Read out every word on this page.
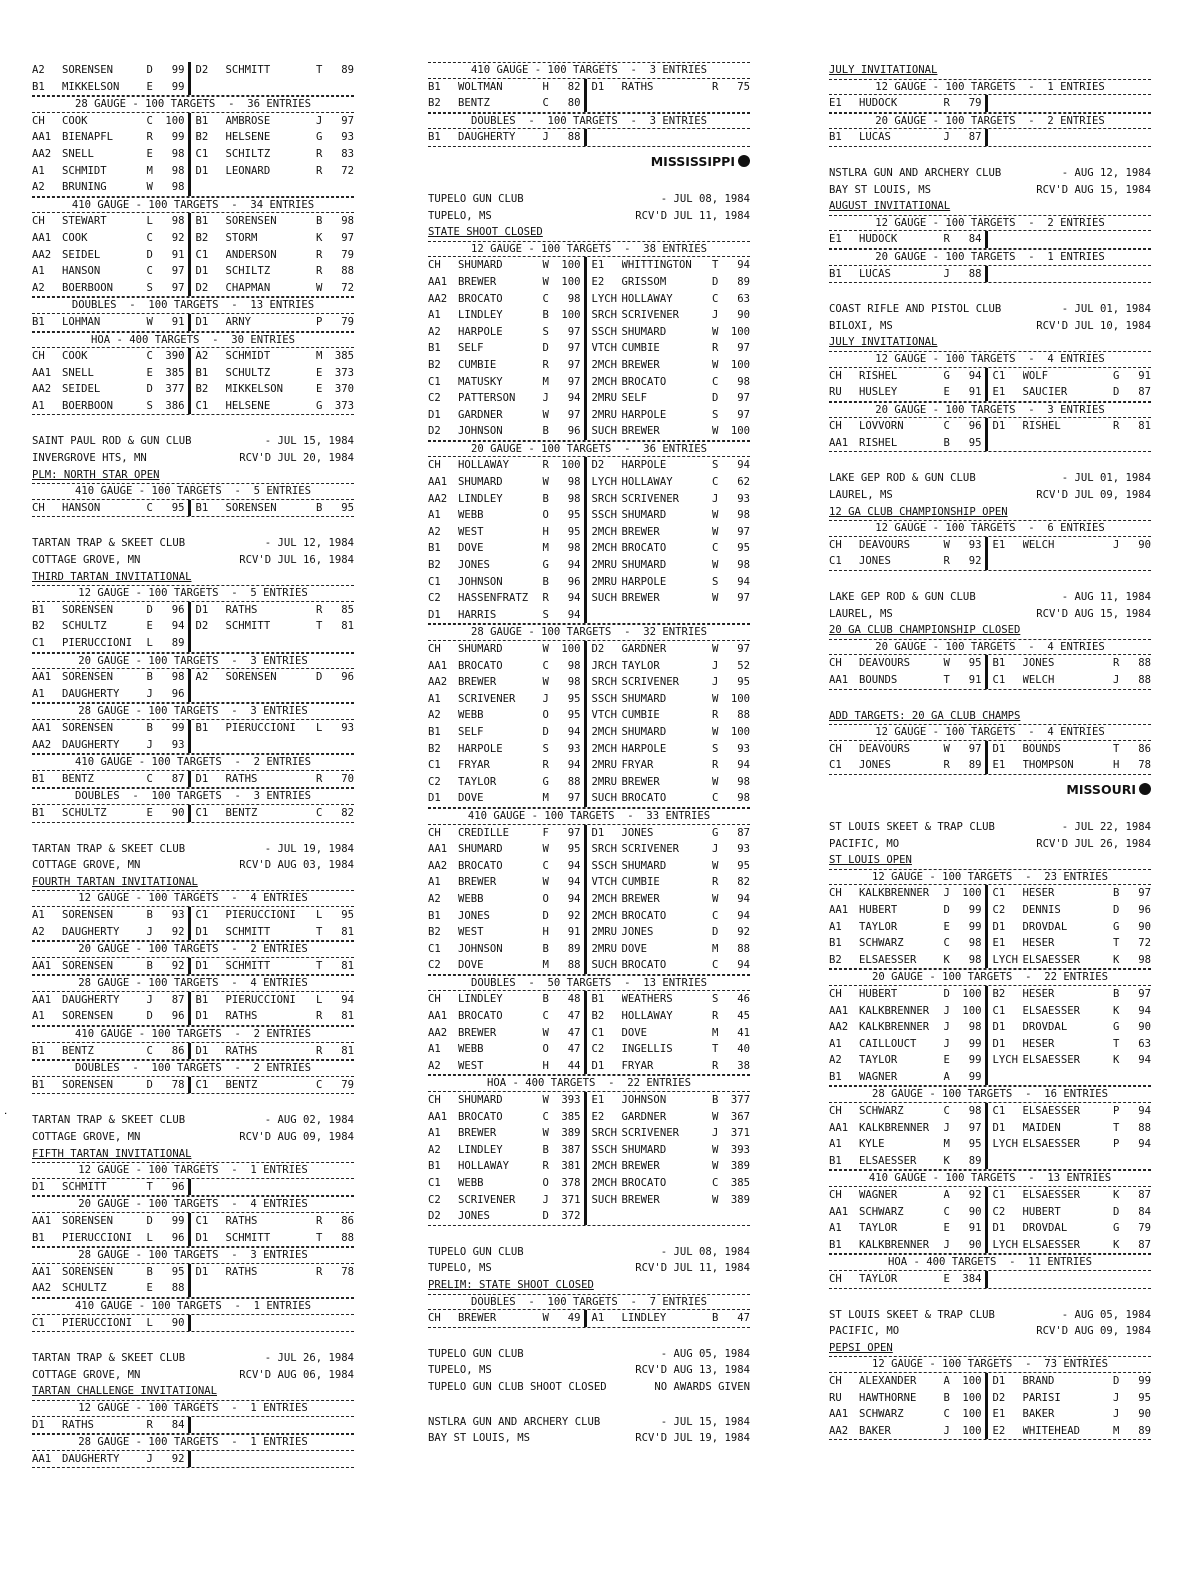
A2	SORENSEN	D	99 D2	SCHMITT	T	89
B1	MIKKELSON	E	99
28 GAUGE - 100 TARGETS  -  36 ENTRIES
CH	COOK	C	100 B1	AMBROSE	J	97
AA1	BIENAPFL	R	99 B2	HELSENE	G	93
AA2	SNELL	E	98 C1	SCHILTZ	R	83
A1	SCHMIDT	M	98 D1	LEONARD	R	72
A2	BRUNING	W	98
410 GAUGE - 100 TARGETS  -  34 ENTRIES
CH	STEWART	L	98 B1	SORENSEN	B	98
AA1	COOK	C	92 B2	STORM	K	97
AA2	SEIDEL	D	91 C1	ANDERSON	R	79
A1	HANSON	C	97 D1	SCHILTZ	R	88
A2	BOERBOON	S	97 D2	CHAPMAN	W	72
DOUBLES  -  100 TARGETS  -  13 ENTRIES
B1	LOHMAN	W	91 D1	ARNY	P	79
HOA - 400 TARGETS  -  30 ENTRIES
CH	COOK	C	390 A2	SCHMIDT	M	385
AA1	SNELL	E	385 B1	SCHULTZ	E	373
AA2	SEIDEL	D	377 B2	MIKKELSON	E	370
A1	BOERBOON	S	386 C1	HELSENE	G	373
SAINT PAUL ROD & GUN CLUB	- JUL 15, 1984
INVERGROVE HTS, MN	RCV'D JUL 20, 1984
PLM: NORTH STAR OPEN
410 GAUGE - 100 TARGETS  -  5 ENTRIES
CH	HANSON	C	95 B1	SORENSEN	B	95
TARTAN TRAP & SKEET CLUB	- JUL 12, 1984
COTTAGE GROVE, MN	RCV'D JUL 16, 1984
THIRD TARTAN INVITATIONAL
12 GAUGE - 100 TARGETS  -  5 ENTRIES
B1	SORENSEN	D	96 D1	RATHS	R	85
B2	SCHULTZ	E	94 D2	SCHMITT	T	81
C1	PIERUCCIONI	L	89
20 GAUGE - 100 TARGETS  -  3 ENTRIES
AA1	SORENSEN	B	98 A2	SORENSEN	D	96
A1	DAUGHERTY	J	96
28 GAUGE - 100 TARGETS  -  3 ENTRIES
AA1	SORENSEN	B	99 B1	PIERUCCIONI	L	93
AA2	DAUGHERTY	J	93
410 GAUGE - 100 TARGETS  -  2 ENTRIES
B1	BENTZ	C	87 D1	RATHS	R	70
DOUBLES  -  100 TARGETS  -  3 ENTRIES
B1	SCHULTZ	E	90 C1	BENTZ	C	82
TARTAN TRAP & SKEET CLUB	- JUL 19, 1984
COTTAGE GROVE, MN	RCV'D AUG 03, 1984
FOURTH TARTAN INVITATIONAL
12 GAUGE - 100 TARGETS  -  4 ENTRIES
A1	SORENSEN	B	93 C1	PIERUCCIONI	L	95
A2	DAUGHERTY	J	92 D1	SCHMITT	T	81
20 GAUGE - 100 TARGETS  -  2 ENTRIES
AA1	SORENSEN	B	92 D1	SCHMITT	T	81
28 GAUGE - 100 TARGETS  -  4 ENTRIES
AA1	DAUGHERTY	J	87 B1	PIERUCCIONI	L	94
A1	SORENSEN	D	96 D1	RATHS	R	81
410 GAUGE - 100 TARGETS  -  2 ENTRIES
B1	BENTZ	C	86 D1	RATHS	R	81
DOUBLES  -  100 TARGETS  -  2 ENTRIES
B1	SORENSEN	D	78 C1	BENTZ	C	79
TARTAN TRAP & SKEET CLUB	- AUG 02, 1984
COTTAGE GROVE, MN	RCV'D AUG 09, 1984
FIFTH TARTAN INVITATIONAL
12 GAUGE - 100 TARGETS  -  1 ENTRIES
D1	SCHMITT	T	96
20 GAUGE - 100 TARGETS  -  4 ENTRIES
AA1	SORENSEN	D	99 C1	RATHS	R	86
B1	PIERUCCIONI	L	96 D1	SCHMITT	T	88
28 GAUGE - 100 TARGETS  -  3 ENTRIES
AA1	SORENSEN	B	95 D1	RATHS	R	78
AA2	SCHULTZ	E	88
410 GAUGE - 100 TARGETS  -  1 ENTRIES
C1	PIERUCCIONI	L	90
TARTAN TRAP & SKEET CLUB	- JUL 26, 1984
COTTAGE GROVE, MN	RCV'D AUG 06, 1984
TARTAN CHALLENGE INVITATIONAL
12 GAUGE - 100 TARGETS  -  1 ENTRIES
D1	RATHS	R	84
28 GAUGE - 100 TARGETS  -  1 ENTRIES
AA1	DAUGHERTY	J	92
410 GAUGE - 100 TARGETS  -  3 ENTRIES
B1	WOLTMAN	H	82 D1	RATHS	R	75
B2	BENTZ	C	80
DOUBLES  -  100 TARGETS  -  3 ENTRIES
B1	DAUGHERTY	J	88
MISSISSIPPI
TUPELO GUN CLUB	- JUL 08, 1984
TUPELO, MS	RCV'D JUL 11, 1984
STATE SHOOT CLOSED
12 GAUGE - 100 TARGETS  -  38 ENTRIES
CH	SHUMARD	W	100 E1	WHITTINGTON	T	94
AA1	BREWER	W	100 E2	GRISSOM	D	89
AA2	BROCATO	C	98 LYCH HOLLAWAY	C	63
A1	LINDLEY	B	100 SRCH SCRIVENER	J	90
A2	HARPOLE	S	97 SSCH SHUMARD	W	100
B1	SELF	D	97 VTCH CUMBIE	R	97
B2	CUMBIE	R	97 2MCH BREWER	W	100
C1	MATUSKY	M	97 2MCH BROCATO	C	98
C2	PATTERSON	J	94 2MRU SELF	D	97
D1	GARDNER	W	97 2MRU HARPOLE	S	97
D2	JOHNSON	B	96 SUCH BREWER	W	100
20 GAUGE - 100 TARGETS  -  36 ENTRIES
CH	HOLLAWAY	R	100 D2	HARPOLE	S	94
AA1	SHUMARD	W	98 LYCH HOLLAWAY	C	62
AA2	LINDLEY	B	98 SRCH SCRIVENER	J	93
A1	WEBB	O	95 SSCH SHUMARD	W	98
A2	WEST	H	95 2MCH BREWER	W	97
B1	DOVE	M	98 2MCH BROCATO	C	95
B2	JONES	G	94 2MRU SHUMARD	W	98
C1	JOHNSON	B	96 2MRU HARPOLE	S	94
C2	HASSENFRATZ	R	94 SUCH BREWER	W	97
D1	HARRIS	S	94
28 GAUGE - 100 TARGETS  -  32 ENTRIES
CH	SHUMARD	W	100 D2	GARDNER	W	97
AA1	BROCATO	C	98 JRCH TAYLOR	J	52
AA2	BREWER	W	98 SRCH SCRIVENER	J	95
A1	SCRIVENER	J	95 SSCH SHUMARD	W	100
A2	WEBB	O	95 VTCH CUMBIE	R	88
B1	SELF	D	94 2MCH SHUMARD	W	100
B2	HARPOLE	S	93 2MCH HARPOLE	S	93
C1	FRYAR	R	94 2MRU FRYAR	R	94
C2	TAYLOR	G	88 2MRU BREWER	W	98
D1	DOVE	M	97 SUCH BROCATO	C	98
410 GAUGE - 100 TARGETS  -  33 ENTRIES
CH	CREDILLE	F	97 D1	JONES	G	87
AA1	SHUMARD	W	95 SRCH SCRIVENER	J	93
AA2	BROCATO	C	94 SSCH SHUMARD	W	95
A1	BREWER	W	94 VTCH CUMBIE	R	82
A2	WEBB	O	94 2MCH BREWER	W	94
B1	JONES	D	92 2MCH BROCATO	C	94
B2	WEST	H	91 2MRU JONES	D	92
C1	JOHNSON	B	89 2MRU DOVE	M	88
C2	DOVE	M	88 SUCH BROCATO	C	94
DOUBLES  -  50 TARGETS  -  13 ENTRIES
CH	LINDLEY	B	48 B1	WEATHERS	S	46
AA1	BROCATO	C	47 B2	HOLLAWAY	R	45
AA2	BREWER	W	47 C1	DOVE	M	41
A1	WEBB	O	47 C2	INGELLIS	T	40
A2	WEST	H	44 D1	FRYAR	R	38
HOA - 400 TARGETS  -  22 ENTRIES
CH	SHUMARD	W	393 E1	JOHNSON	B	377
AA1	BROCATO	C	385 E2	GARDNER	W	367
A1	BREWER	W	389 SRCH SCRIVENER	J	371
A2	LINDLEY	B	387 SSCH SHUMARD	W	393
B1	HOLLAWAY	R	381 2MCH BREWER	W	389
C1	WEBB	O	378 2MCH BROCATO	C	385
C2	SCRIVENER	J	371 SUCH BREWER	W	389
D2	JONES	D	372
TUPELO GUN CLUB	- JUL 08, 1984
TUPELO, MS	RCV'D JUL 11, 1984
PRELIM: STATE SHOOT CLOSED
DOUBLES  -  100 TARGETS  -  7 ENTRIES
CH	BREWER	W	49 A1	LINDLEY	B	47
TUPELO GUN CLUB	- AUG 05, 1984
TUPELO, MS	RCV'D AUG 13, 1984
TUPELO GUN CLUB SHOOT CLOSED	NO AWARDS GIVEN
NSTLRA GUN AND ARCHERY CLUB	- JUL 15, 1984
BAY ST LOUIS, MS	RCV'D JUL 19, 1984
JULY INVITATIONAL
12 GAUGE - 100 TARGETS  -  1 ENTRIES
E1	HUDOCK	R	79
20 GAUGE - 100 TARGETS  -  2 ENTRIES
B1	LUCAS	J	87
NSTLRA GUN AND ARCHERY CLUB	- AUG 12, 1984
BAY ST LOUIS, MS	RCV'D AUG 15, 1984
AUGUST INVITATIONAL
12 GAUGE - 100 TARGETS  -  2 ENTRIES
E1	HUDOCK	R	84
20 GAUGE - 100 TARGETS  -  1 ENTRIES
B1	LUCAS	J	88
COAST RIFLE AND PISTOL CLUB	- JUL 01, 1984
BILOXI, MS	RCV'D JUL 10, 1984
JULY INVITATIONAL
12 GAUGE - 100 TARGETS  -  4 ENTRIES
CH	RISHEL	G	94 C1	WOLF	G	91
RU	HUSLEY	E	91 E1	SAUCIER	D	87
20 GAUGE - 100 TARGETS  -  3 ENTRIES
CH	LOVVORN	C	96 D1	RISHEL	R	81
AA1	RISHEL	B	95
LAKE GEP ROD & GUN CLUB	- JUL 01, 1984
LAUREL, MS	RCV'D JUL 09, 1984
12 GA CLUB CHAMPIONSHIP OPEN
12 GAUGE - 100 TARGETS  -  6 ENTRIES
CH	DEAVOURS	W	93 E1	WELCH	J	90
C1	JONES	R	92
LAKE GEP ROD & GUN CLUB	- AUG 11, 1984
LAUREL, MS	RCV'D AUG 15, 1984
20 GA CLUB CHAMPIONSHIP CLOSED
20 GAUGE - 100 TARGETS  -  4 ENTRIES
CH	DEAVOURS	W	95 B1	JONES	R	88
AA1	BOUNDS	T	91 C1	WELCH	J	88
ADD TARGETS: 20 GA CLUB CHAMPS
12 GAUGE - 100 TARGETS  -  4 ENTRIES
CH	DEAVOURS	W	97 D1	BOUNDS	T	86
C1	JONES	R	89 E1	THOMPSON	H	78
MISSOURI
ST LOUIS SKEET & TRAP CLUB	- JUL 22, 1984
PACIFIC, MO	RCV'D JUL 26, 1984
ST LOUIS OPEN
12 GAUGE - 100 TARGETS  -  23 ENTRIES
CH	KALKBRENNER	J	100 C1	HESER	B	97
AA1	HUBERT	D	99 C2	DENNIS	D	96
A1	TAYLOR	E	99 D1	DROVDAL	G	90
B1	SCHWARZ	C	98 E1	HESER	T	72
B2	ELSAESSER	K	98 LYCH ELSAESSER	K	98
20 GAUGE - 100 TARGETS  -  22 ENTRIES
CH	HUBERT	D	100 B2	HESER	B	97
AA1	KALKBRENNER	J	100 C1	ELSAESSER	K	94
AA2	KALKBRENNER	J	98 D1	DROVDAL	G	90
A1	CAILLOUCT	J	99 D1	HESER	T	63
A2	TAYLOR	E	99 LYCH ELSAESSER	K	94
B1	WAGNER	A	99
28 GAUGE - 100 TARGETS  -  16 ENTRIES
CH	SCHWARZ	C	98 C1	ELSAESSER	P	94
AA1	KALKBRENNER	J	97 D1	MAIDEN	T	88
A1	KYLE	M	95 LYCH ELSAESSER	P	94
B1	ELSAESSER	K	89
410 GAUGE - 100 TARGETS  -  13 ENTRIES
CH	WAGNER	A	92 C1	ELSAESSER	K	87
AA1	SCHWARZ	C	90 C2	HUBERT	D	84
A1	TAYLOR	E	91 D1	DROVDAL	G	79
B1	KALKBRENNER	J	90 LYCH ELSAESSER	K	87
HOA - 400 TARGETS  -  11 ENTRIES
CH	TAYLOR	E	384
ST LOUIS SKEET & TRAP CLUB	- AUG 05, 1984
PACIFIC, MO	RCV'D AUG 09, 1984
PEPSI OPEN
12 GAUGE - 100 TARGETS  -  73 ENTRIES
CH	ALEXANDER	A	100 D1	BRAND	D	99
RU	HAWTHORNE	B	100 D2	PARISI	J	95
AA1	SCHWARZ	C	100 E1	BAKER	J	90
AA2	BAKER	J	100 E2	WHITEHEAD	M	89
˙
